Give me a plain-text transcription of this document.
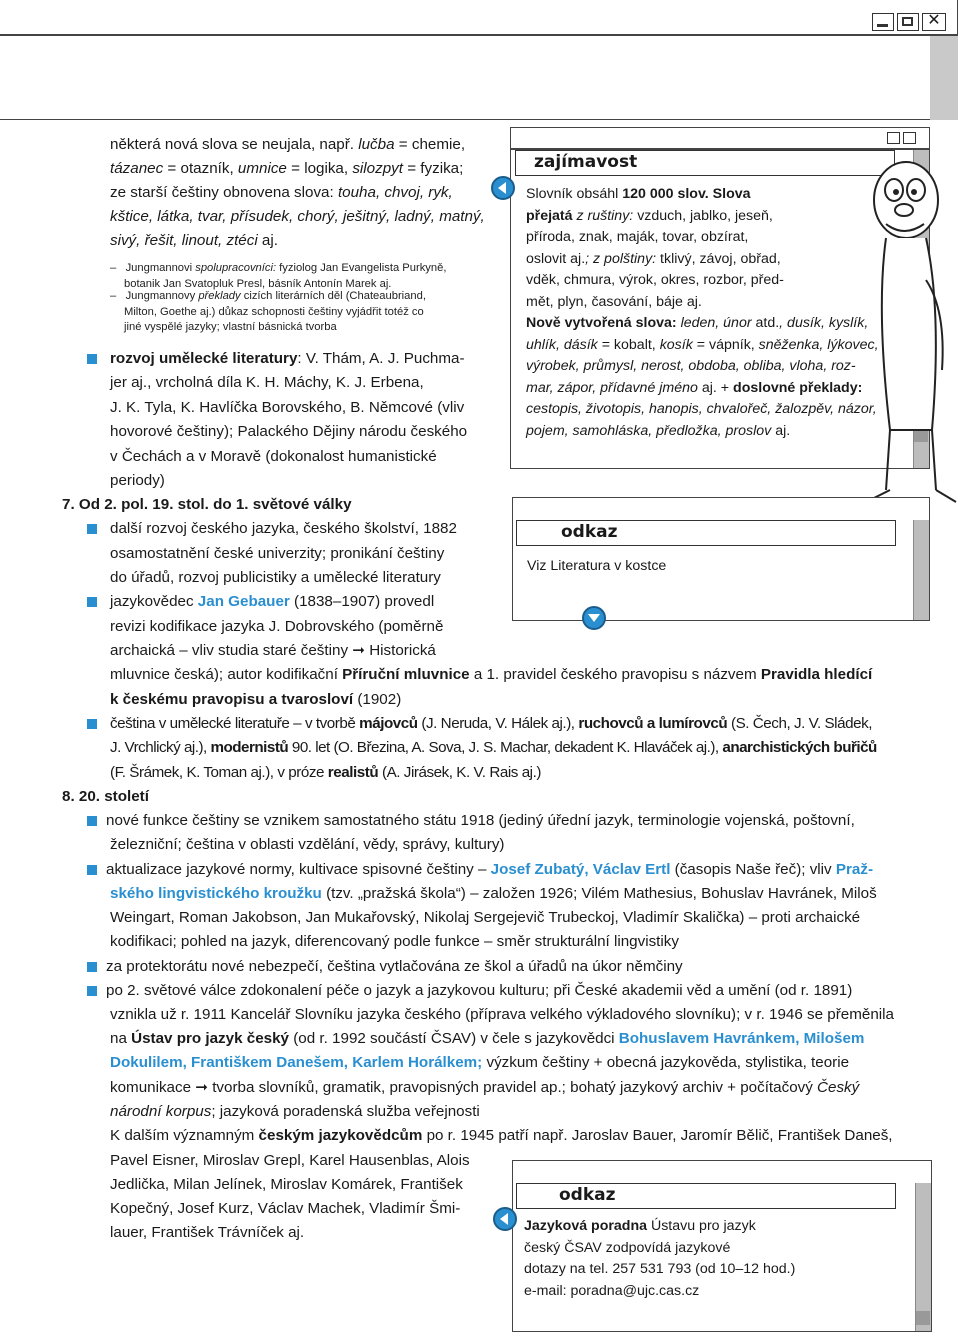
✕
některá nová slova se neujala, např. lučba = chemie,
tázanec = otazník, umnice = logika, silozpyt = fyzika;
ze starší češtiny obnovena slova: touha, chvoj, ryk,
kštice, látka, tvar, přísudek, chorý, ješitný, ladný, matný,
sivý, řešit, linout, ztéci aj.
– Jungmannovi spolupracovníci: fyziolog Jan Evangelista Purkyně,
botanik Jan Svatopluk Presl, básník Antonín Marek aj.
– Jungmannovy překlady cizích literárních děl (Chateaubriand,
Milton, Goethe aj.) důkaz schopnosti češtiny vyjádřit totéž co
jiné vyspělé jazyky; vlastní básnická tvorba
rozvoj umělecké literatury: V. Thám, A. J. Puchma-
jer aj., vrcholná díla K. H. Máchy, K. J. Erbena,
J. K. Tyla, K. Havlíčka Borovského, B. Němcové (vliv
hovorové češtiny); Palackého Dějiny národu českého
v Čechách a v Moravě (dokonalost humanistické
periody)
7. Od 2. pol. 19. stol. do 1. světové války
další rozvoj českého jazyka, českého školství, 1882
osamostatnění české univerzity; pronikání češtiny
do úřadů, rozvoj publicistiky a umělecké literatury
jazykovědec Jan Gebauer (1838–1907) provedl
revizi kodifikace jazyka J. Dobrovského (poměrně
archaická – vliv studia staré češtiny ➞ Historická
mluvnice česká); autor kodifikační Příruční mluvnice a 1. pravidel českého pravopisu s názvem Pravidla hledící
k českému pravopisu a tvarosloví (1902)
čeština v umělecké literatuře – v tvorbě májovců (J. Neruda, V. Hálek aj.), ruchovců a lumírovců (S. Čech, J. V. Sládek,
J. Vrchlický aj.), modernistů 90. let (O. Březina, A. Sova, J. S. Machar, dekadent K. Hlaváček aj.), anarchistických buřičů
(F. Šrámek, K. Toman aj.), v próze realistů (A. Jirásek, K. V. Rais aj.)
8. 20. století
nové funkce češtiny se vznikem samostatného státu 1918 (jediný úřední jazyk, terminologie vojenská, poštovní,
železniční; čeština v oblasti vzdělání, vědy, správy, kultury)
aktualizace jazykové normy, kultivace spisovné češtiny – Josef Zubatý, Václav Ertl (časopis Naše řeč); vliv Praž-
ského lingvistického kroužku (tzv. „pražská škola“) – založen 1926; Vilém Mathesius, Bohuslav Havránek, Miloš
Weingart, Roman Jakobson, Jan Mukařovský, Nikolaj Sergejevič Trubeckoj, Vladimír Skalička) – proti archaické
kodifikaci; pohled na jazyk, diferencovaný podle funkce – směr strukturální lingvistiky
za protektorátu nové nebezpečí, čeština vytlačována ze škol a úřadů na úkor němčiny
po 2. světové válce zdokonalení péče o jazyk a jazykovou kulturu; při České akademii věd a umění (od r. 1891)
vznikla už r. 1911 Kancelář Slovníku jazyka českého (příprava velkého výkladového slovníku); v r. 1946 se přeměnila
na Ústav pro jazyk český (od r. 1992 součástí ČSAV) v čele s jazykovědci Bohuslavem Havránkem, Milošem
Dokulilem, Františkem Danešem, Karlem Horálkem; výzkum češtiny + obecná jazykověda, stylistika, teorie
komunikace ➞ tvorba slovníků, gramatik, pravopisných pravidel ap.; bohatý jazykový archiv + počítačový Český
národní korpus; jazyková poradenská služba veřejnosti
K dalším významným českým jazykovědcům po r. 1945 patří např. Jaroslav Bauer, Jaromír Bělič, František Daneš,
Pavel Eisner, Miroslav Grepl, Karel Hausenblas, Alois
Jedlička, Milan Jelínek, Miroslav Komárek, František
Kopečný, Josef Kurz, Václav Machek, Vladimír Šmi-
lauer, František Trávníček aj.
zajímavost
Slovník obsáhl 120 000 slov. Slova
přejatá z ruštiny: vzduch, jablko, jeseň,
příroda, znak, maják, tovar, obzírat,
oslovit aj.; z polštiny: tklivý, závoj, obřad,
vděk, chmura, výrok, okres, rozbor, před-
mět, plyn, časování, báje aj.
Nově vytvořená slova: leden, únor atd., dusík, kyslík,
uhlík, dásík = kobalt, kosík = vápník, sněženka, lýkovec,
výrobek, průmysl, nerost, obdoba, obliba, vloha, roz-
mar, zápor, přídavné jméno aj. + doslovné překlady:
cestopis, životopis, hanopis, chvalořeč, žalozpěv, názor,
pojem, samohláska, předložka, proslov aj.
odkaz
Viz Literatura v kostce
odkaz
Jazyková poradna Ústavu pro jazyk
český ČSAV zodpovídá jazykové
dotazy na tel. 257 531 793 (od 10–12 hod.)
e-mail: poradna@ujc.cas.cz
